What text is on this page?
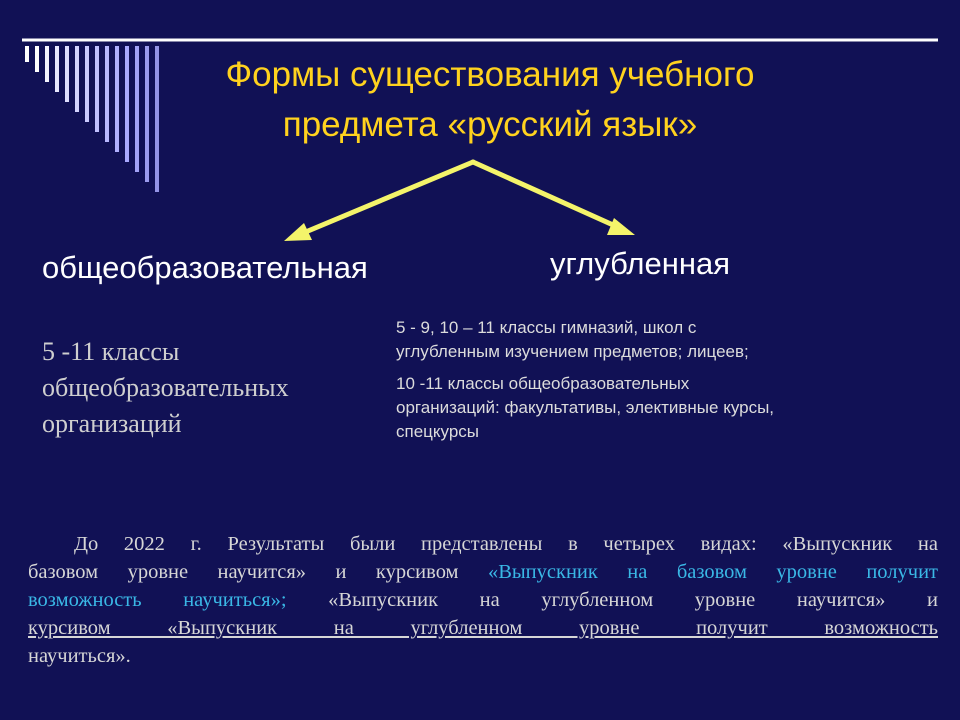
Формы существования учебного
предмета «русский язык»
общеобразовательная	углубленная
5 -11 классы
общеобразовательных
организаций

5 - 9, 10 – 11 классы гимназий, школ с
углубленным изучением предметов; лицеев;

10 -11 классы общеобразовательных
организаций: факультативы, элективные курсы,
спецкурсы

До 2022 г. Результаты были представлены в четырех видах: «Выпускник на
базовом уровне научится» и курсивом «Выпускник на базовом уровне получит
возможность научиться»; «Выпускник на углубленном уровне научится» и
курсивом «Выпускник на углубленном уровне получит возможность
научиться».
